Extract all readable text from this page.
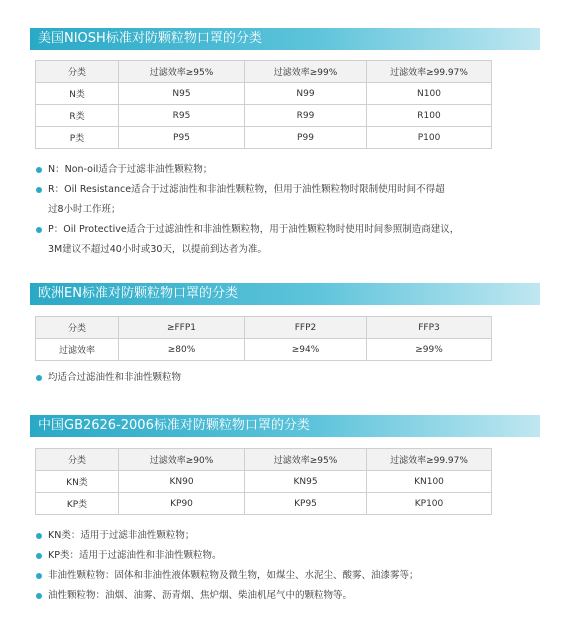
美国NIOSH标准对防颗粒物口罩的分类
分类	过滤效率≥95%	过滤效率≥99%	过滤效率≥99.97%
N类	N95	N99	N100
R类	R95	R99	R100
P类	P95	P99	P100
N：Non-oil适合于过滤非油性颗粒物；
R：Oil Resistance适合于过滤油性和非油性颗粒物，但用于油性颗粒物时限制使用时间不得超
过8小时工作班；
P：Oil Protective适合于过滤油性和非油性颗粒物，用于油性颗粒物时使用时间参照制造商建议，
3M建议不超过40小时或30天，以提前到达者为准。
欧洲EN标准对防颗粒物口罩的分类
分类	≥FFP1	FFP2	FFP3
过滤效率	≥80%	≥94%	≥99%
均适合过滤油性和非油性颗粒物
中国GB2626-2006标准对防颗粒物口罩的分类
分类	过滤效率≥90%	过滤效率≥95%	过滤效率≥99.97%
KN类	KN90	KN95	KN100
KP类	KP90	KP95	KP100
KN类：适用于过滤非油性颗粒物；
KP类：适用于过滤油性和非油性颗粒物。
非油性颗粒物：固体和非油性液体颗粒物及微生物，如煤尘、水泥尘、酸雾、油漆雾等；
油性颗粒物：油烟、油雾、沥青烟、焦炉烟、柴油机尾气中的颗粒物等。
